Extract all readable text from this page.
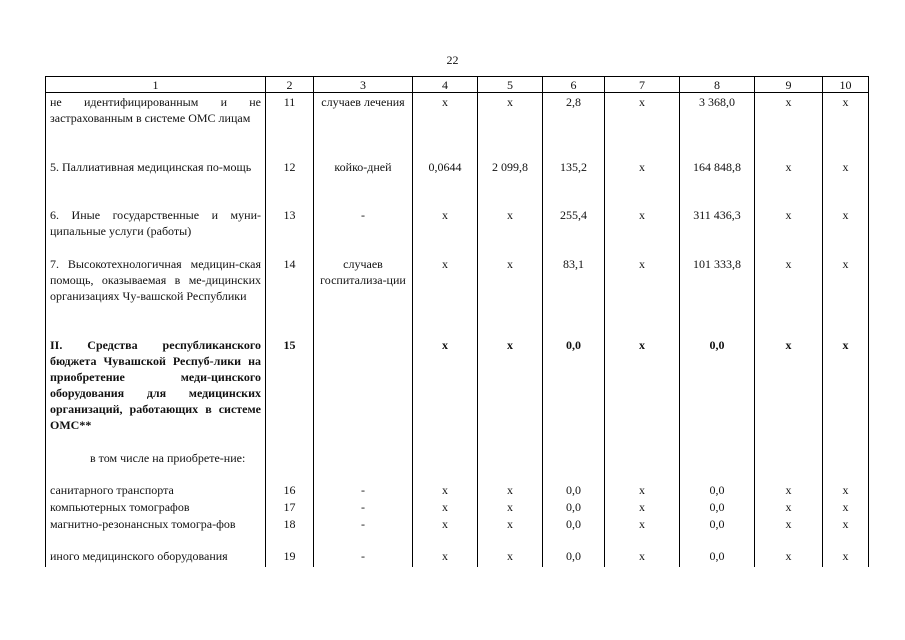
22
1	2	3	4	5	6	7	8	9	10
не идентифицированным и не застрахованным в системе ОМС лицам	11	случаев лечения	х	х	2,8	х	3 368,0	х	х
5. Паллиативная медицинская по-мощь	12	койко-дней	0,0644	2 099,8	135,2	х	164 848,8	х	х
6. Иные государственные и муни-ципальные услуги (работы)	13	-	х	х	255,4	х	311 436,3	х	х
7. Высокотехнологичная медицин-ская помощь, оказываемая в ме-дицинских организациях Чу-вашской Республики	14	случаев госпитализа-ции	х	х	83,1	х	101 333,8	х	х
II. Средства республиканского бюджета Чувашской Респуб-лики на приобретение меди-цинского оборудования для медицинских организаций, работающих в системе ОМС**	15		х	х	0,0	х	0,0	х	х
в том числе на приобрете-ние:									
санитарного транспорта	16	-	х	х	0,0	х	0,0	х	х
компьютерных томографов	17	-	х	х	0,0	х	0,0	х	х
магнитно-резонансных томогра-фов	18	-	х	х	0,0	х	0,0	х	х
иного медицинского оборудования	19	-	х	х	0,0	х	0,0	х	х
